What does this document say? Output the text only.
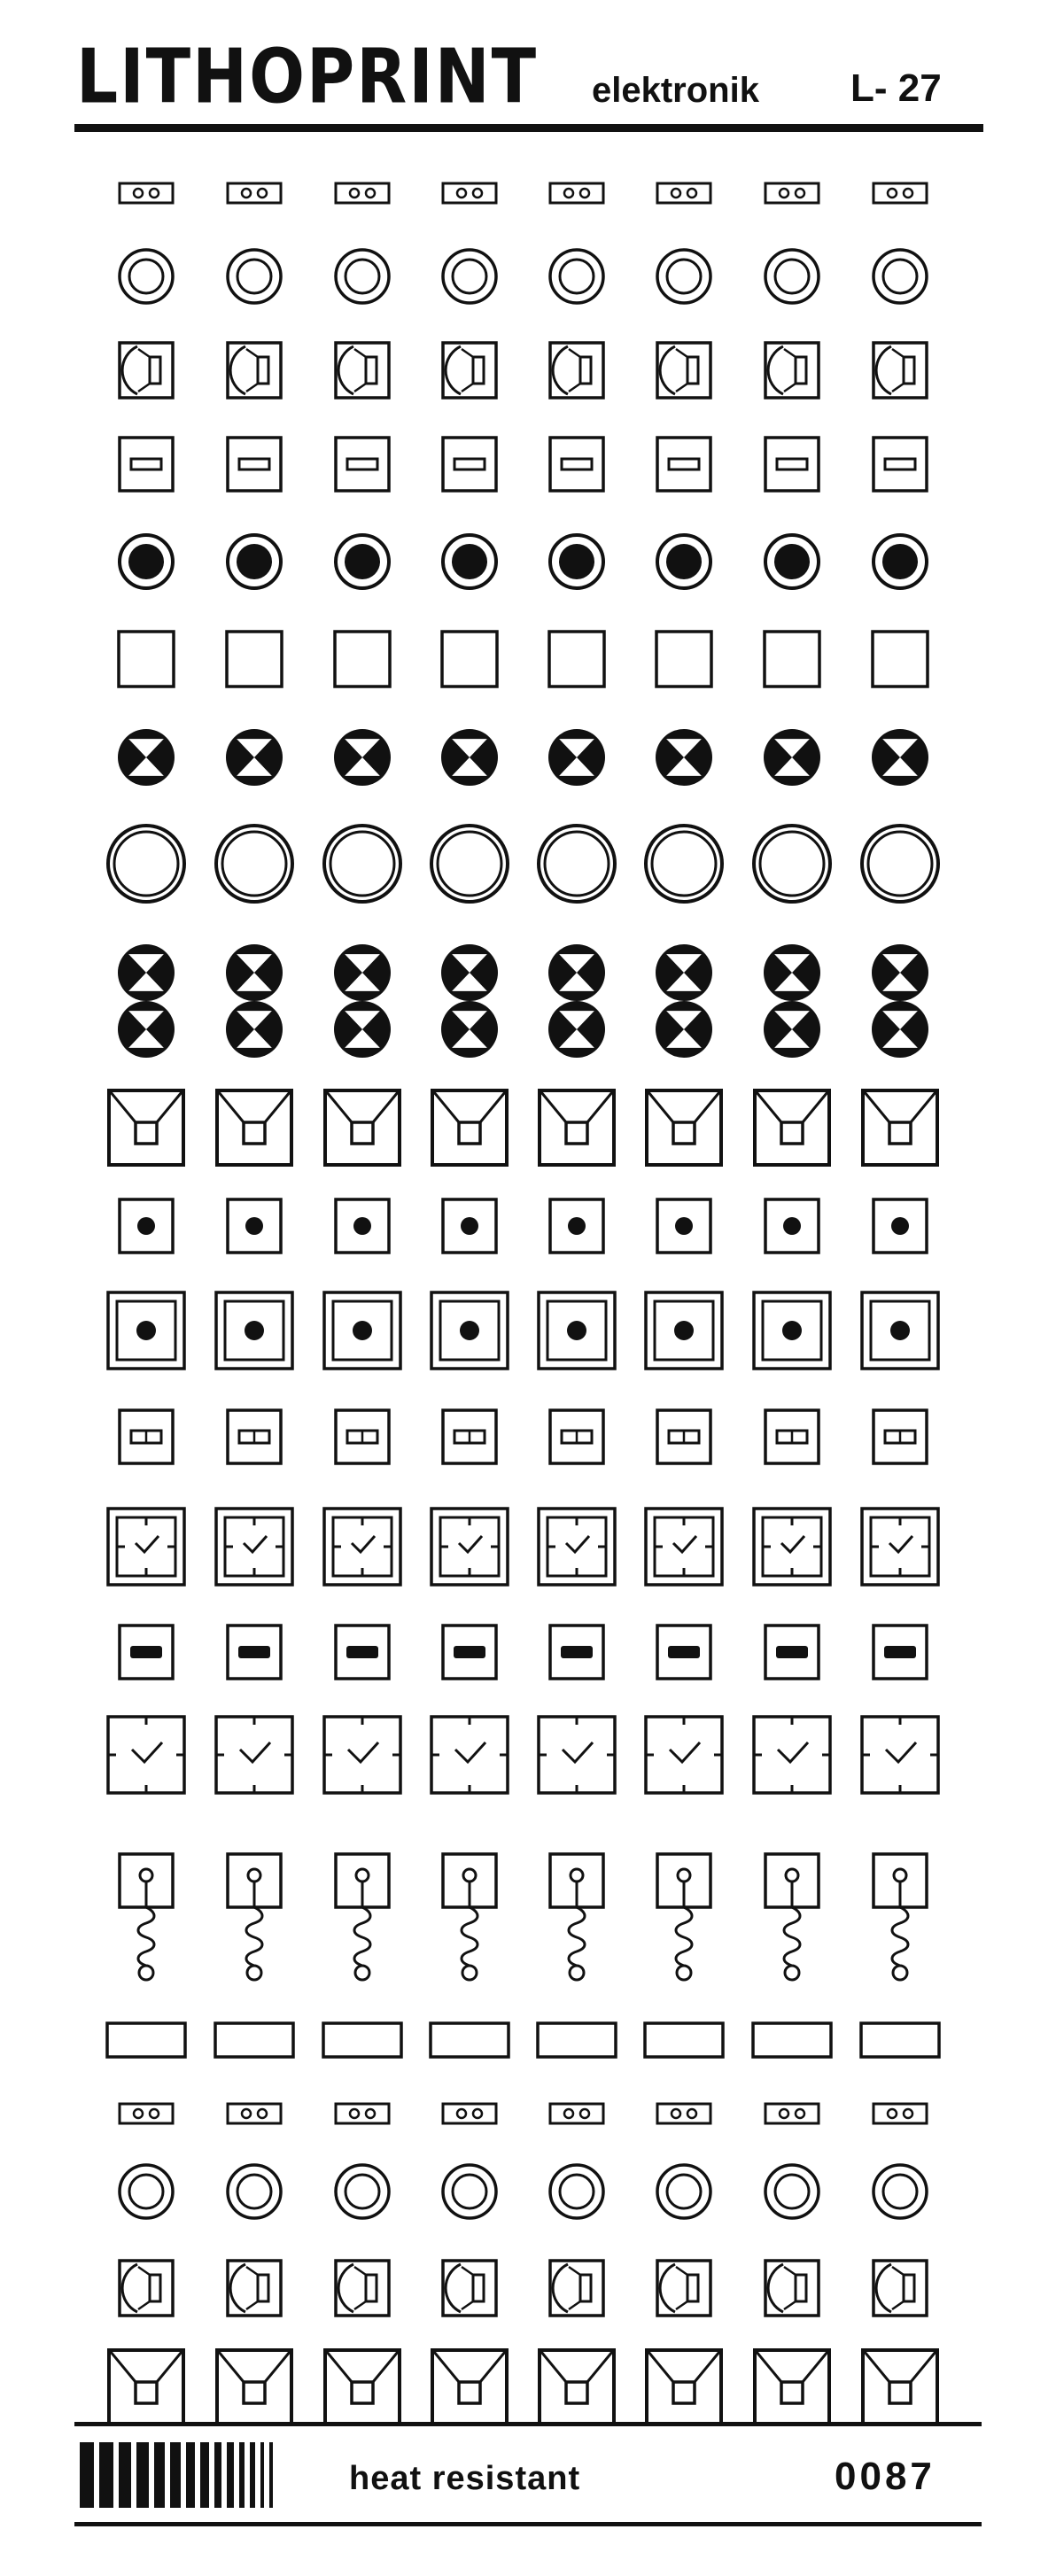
LITHOPRINT elektronik L- 27
heat resistant	0087
